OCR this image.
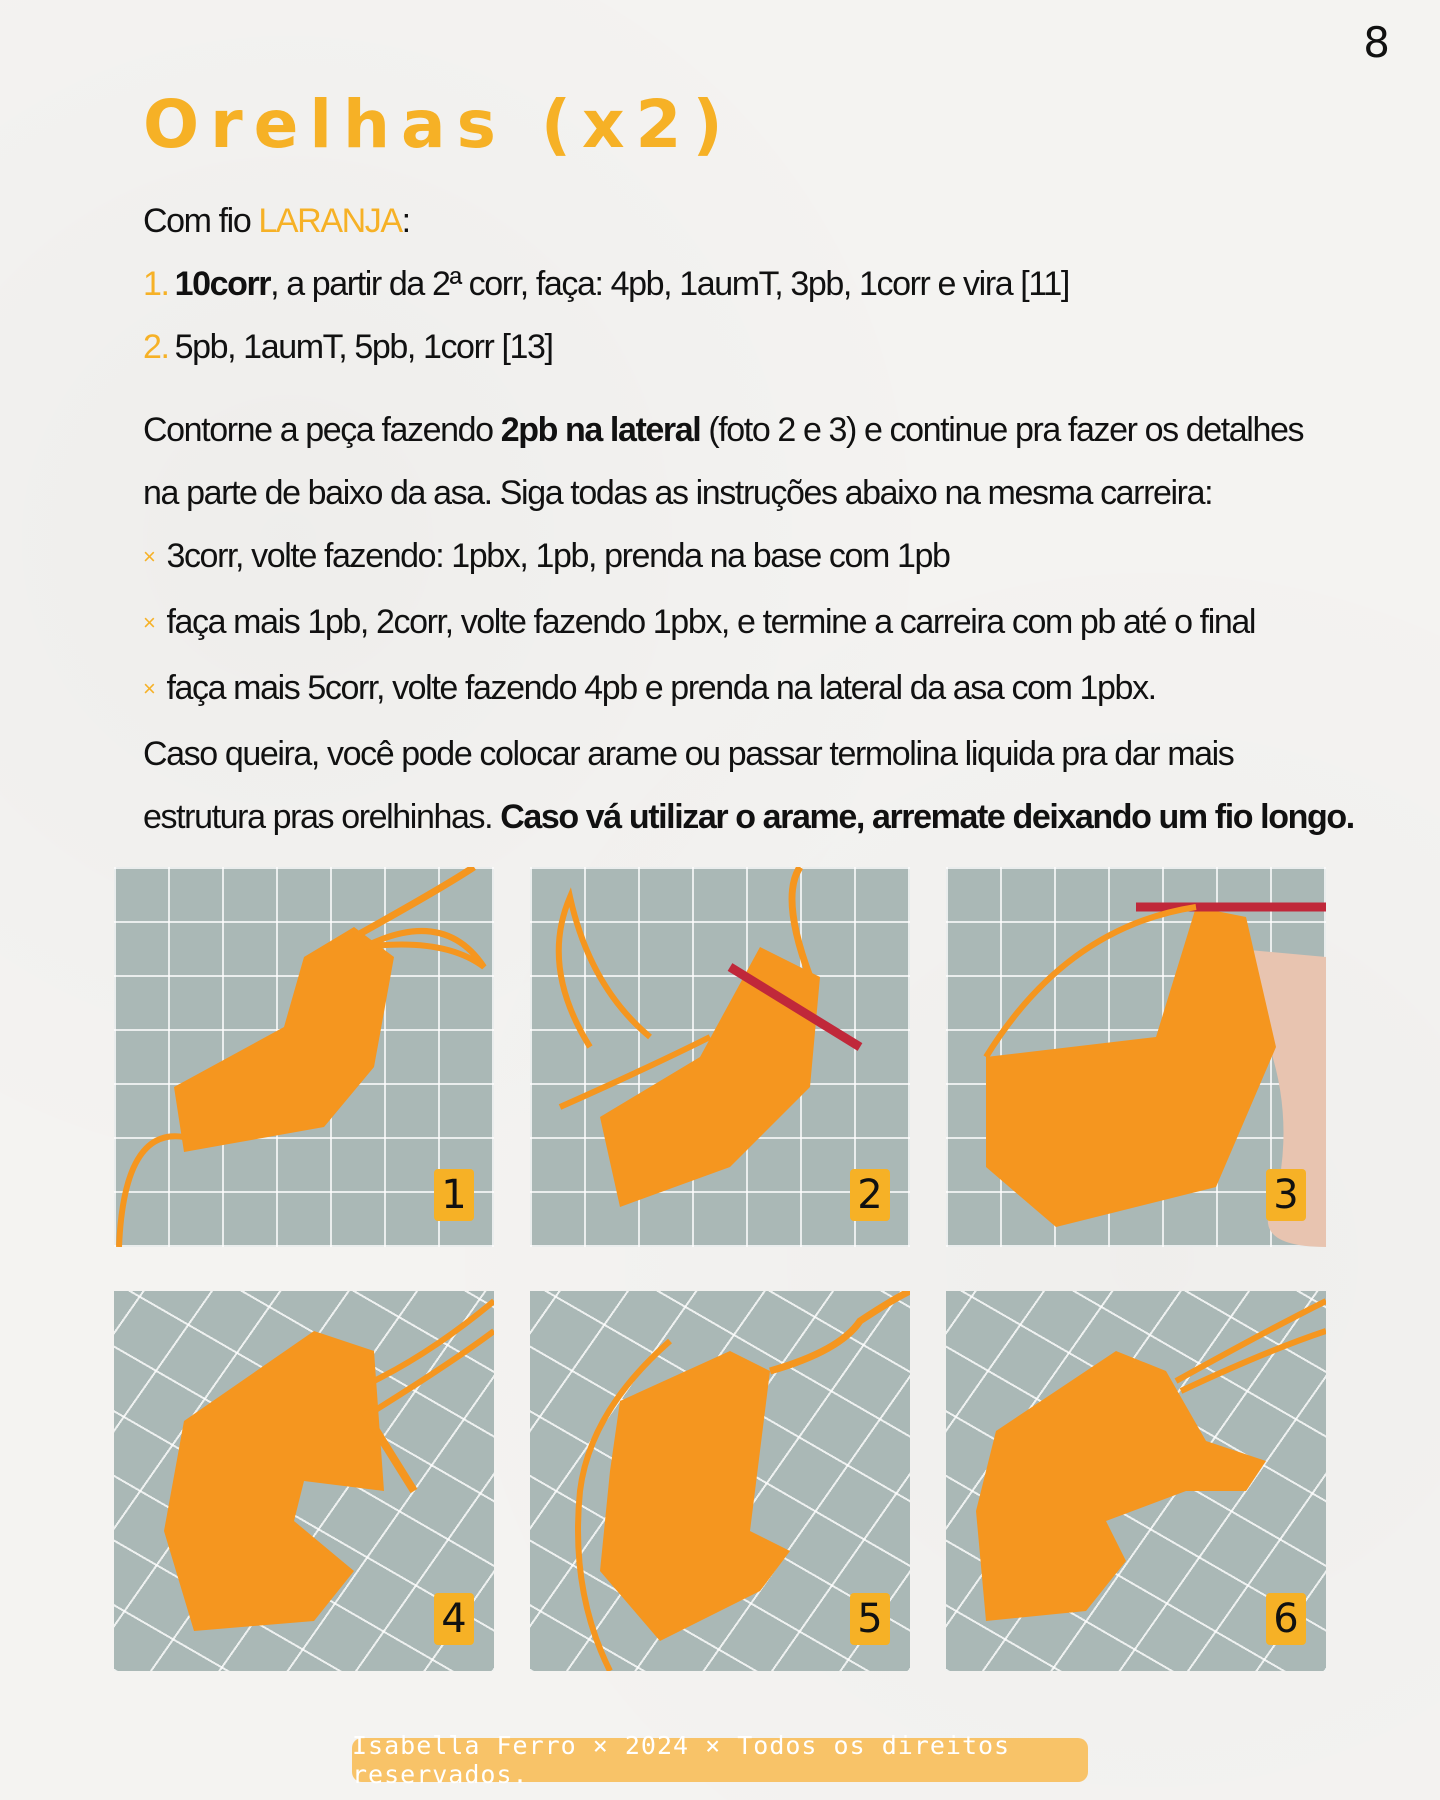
8
Orelhas (x2)
Com fio LARANJA:
1. 10corr, a partir da 2ª corr, faça: 4pb, 1aumT, 3pb, 1corr e vira [11]
2. 5pb, 1aumT, 5pb, 1corr [13]
Contorne a peça fazendo 2pb na lateral (foto 2 e 3) e continue pra fazer os detalhes
na parte de baixo da asa. Siga todas as instruções abaixo na mesma carreira:
× 3corr, volte fazendo: 1pbx, 1pb, prenda na base com 1pb
× faça mais 1pb, 2corr, volte fazendo 1pbx, e termine a carreira com pb até o final
× faça mais 5corr, volte fazendo 4pb e prenda na lateral da asa com 1pbx.
Caso queira, você pode colocar arame ou passar termolina liquida pra dar mais
estrutura pras orelhinhas. Caso vá utilizar o arame, arremate deixando um fio longo.
1	2	3
4	5	6
Isabella Ferro × 2024 × Todos os direitos reservados.
